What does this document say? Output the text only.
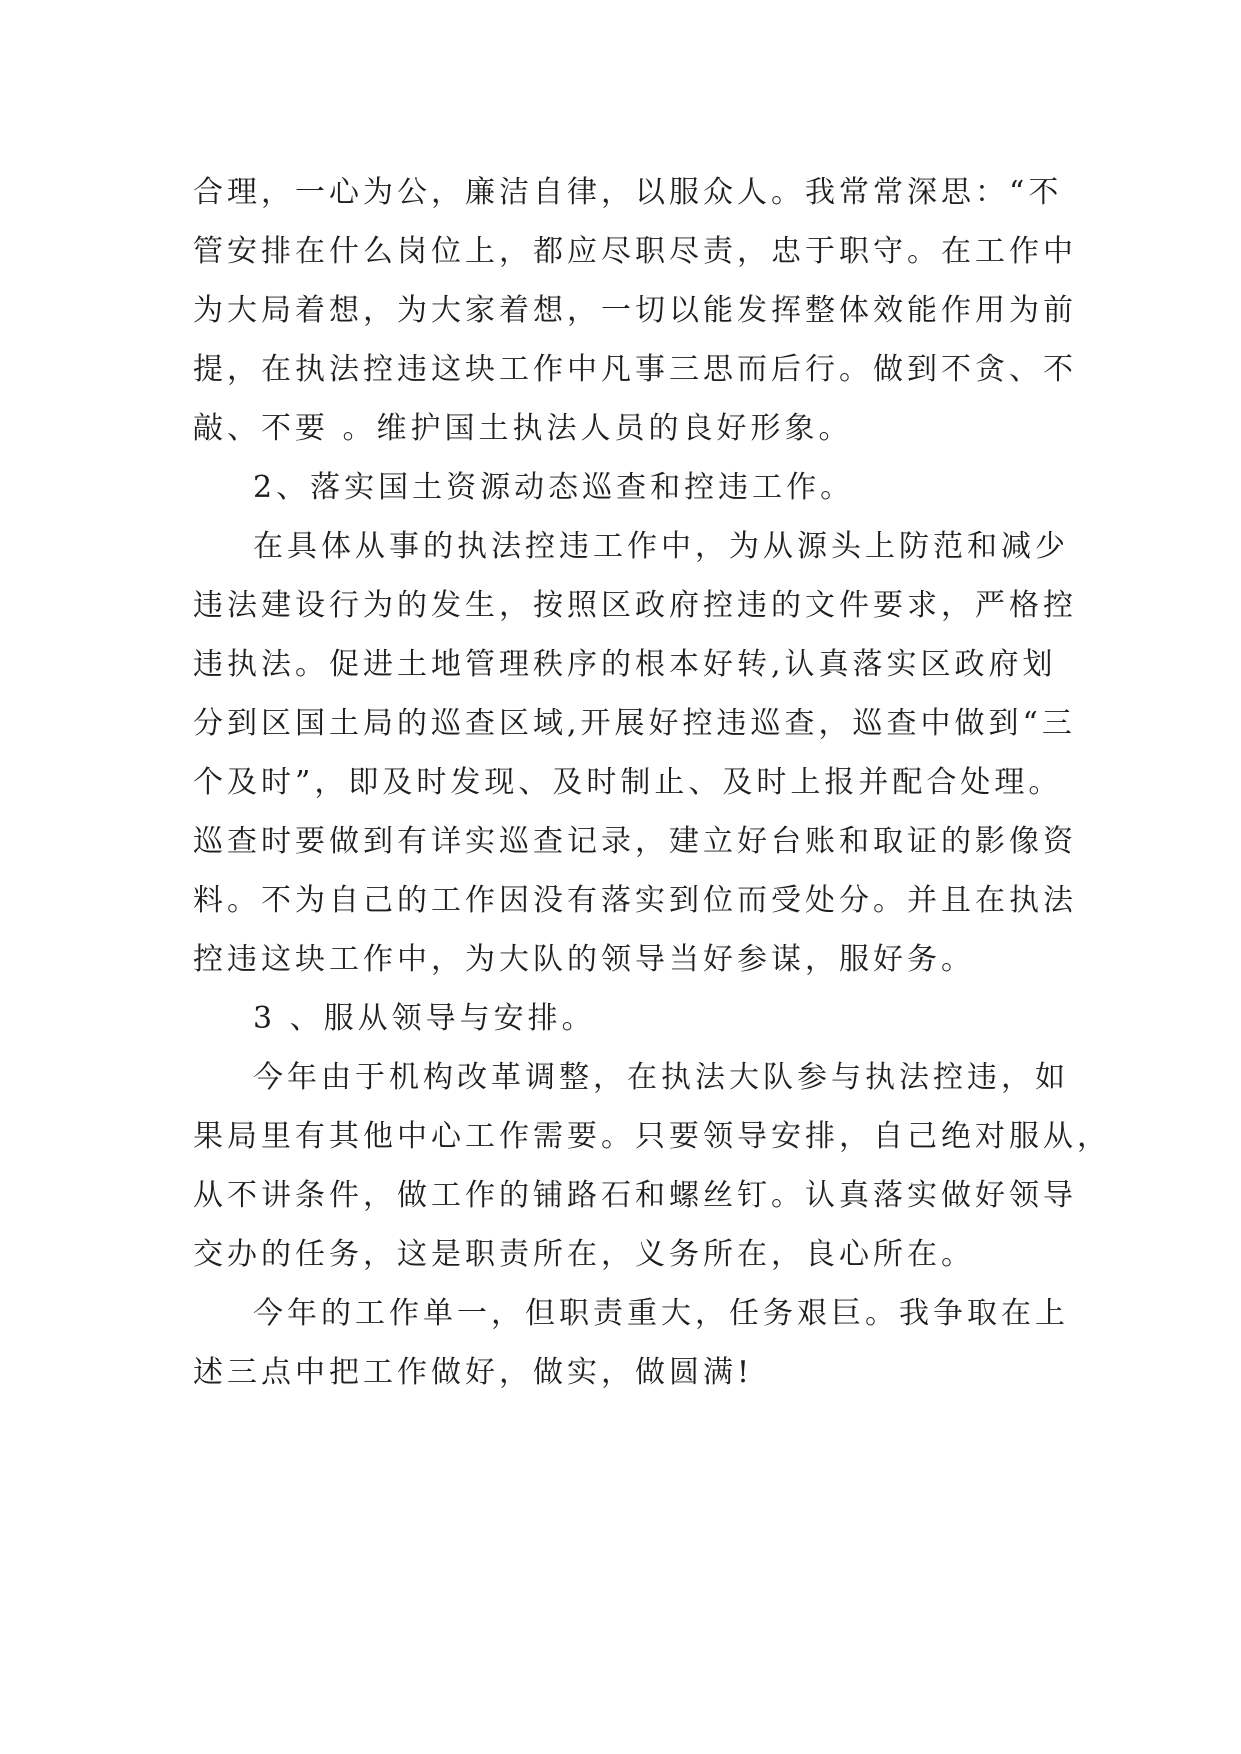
合理，一心为公，廉洁自律，以服众人。我常常深思：“不
管安排在什么岗位上，都应尽职尽责，忠于职守。在工作中
为大局着想，为大家着想，一切以能发挥整体效能作用为前
提，在执法控违这块工作中凡事三思而后行。做到不贪、不
敲、不要 。维护国土执法人员的良好形象。
2、落实国土资源动态巡查和控违工作。
在具体从事的执法控违工作中，为从源头上防范和减少
违法建设行为的发生，按照区政府控违的文件要求，严格控
违执法。促进土地管理秩序的根本好转,认真落实区政府划
分到区国土局的巡查区域,开展好控违巡查，巡查中做到“三
个及时”，即及时发现、及时制止、及时上报并配合处理。
巡查时要做到有详实巡查记录，建立好台账和取证的影像资
料。不为自己的工作因没有落实到位而受处分。并且在执法
控违这块工作中，为大队的领导当好参谋，服好务。
3 、服从领导与安排。
今年由于机构改革调整，在执法大队参与执法控违，如
果局里有其他中心工作需要。只要领导安排，自己绝对服从，
从不讲条件，做工作的铺路石和螺丝钉。认真落实做好领导
交办的任务，这是职责所在，义务所在，良心所在。
今年的工作单一，但职责重大，任务艰巨。我争取在上
述三点中把工作做好，做实，做圆满!
